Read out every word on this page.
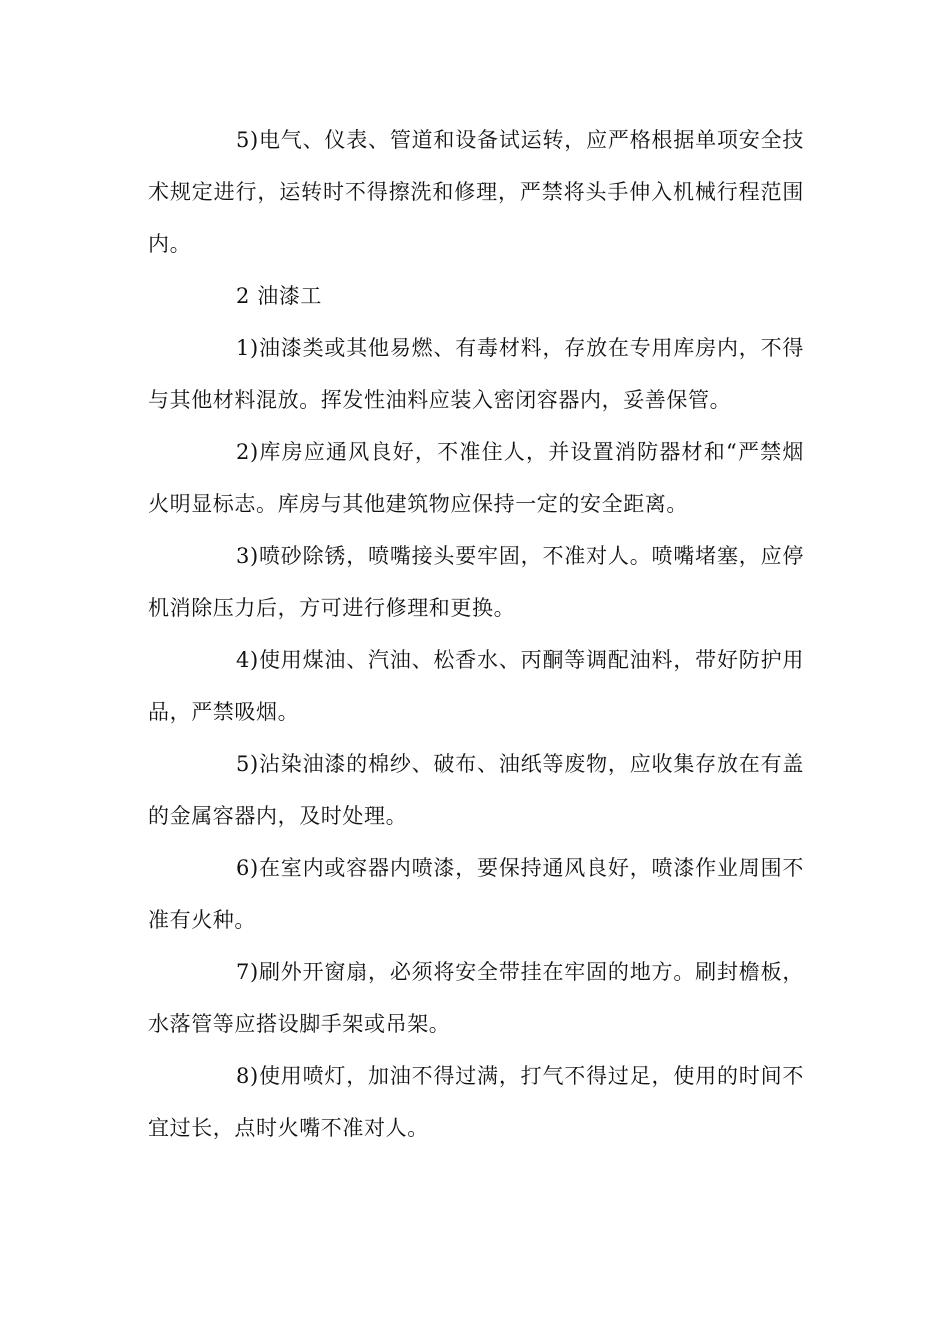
5)电气、仪表、管道和设备试运转，应严格根据单项安全技术规定进行，运转时不得擦洗和修理，严禁将头手伸入机械行程范围内。

2 油漆工

1)油漆类或其他易燃、有毒材料，存放在专用库房内，不得与其他材料混放。挥发性油料应装入密闭容器内，妥善保管。

2)库房应通风良好，不准住人，并设置消防器材和“严禁烟火明显标志。库房与其他建筑物应保持一定的安全距离。

3)喷砂除锈，喷嘴接头要牢固，不准对人。喷嘴堵塞，应停机消除压力后，方可进行修理和更换。

4)使用煤油、汽油、松香水、丙酮等调配油料，带好防护用品，严禁吸烟。

5)沾染油漆的棉纱、破布、油纸等废物，应收集存放在有盖的金属容器内，及时处理。

6)在室内或容器内喷漆，要保持通风良好，喷漆作业周围不准有火种。

7)刷外开窗扇，必须将安全带挂在牢固的地方。刷封檐板，水落管等应搭设脚手架或吊架。

8)使用喷灯，加油不得过满，打气不得过足，使用的时间不宜过长，点时火嘴不准对人。
